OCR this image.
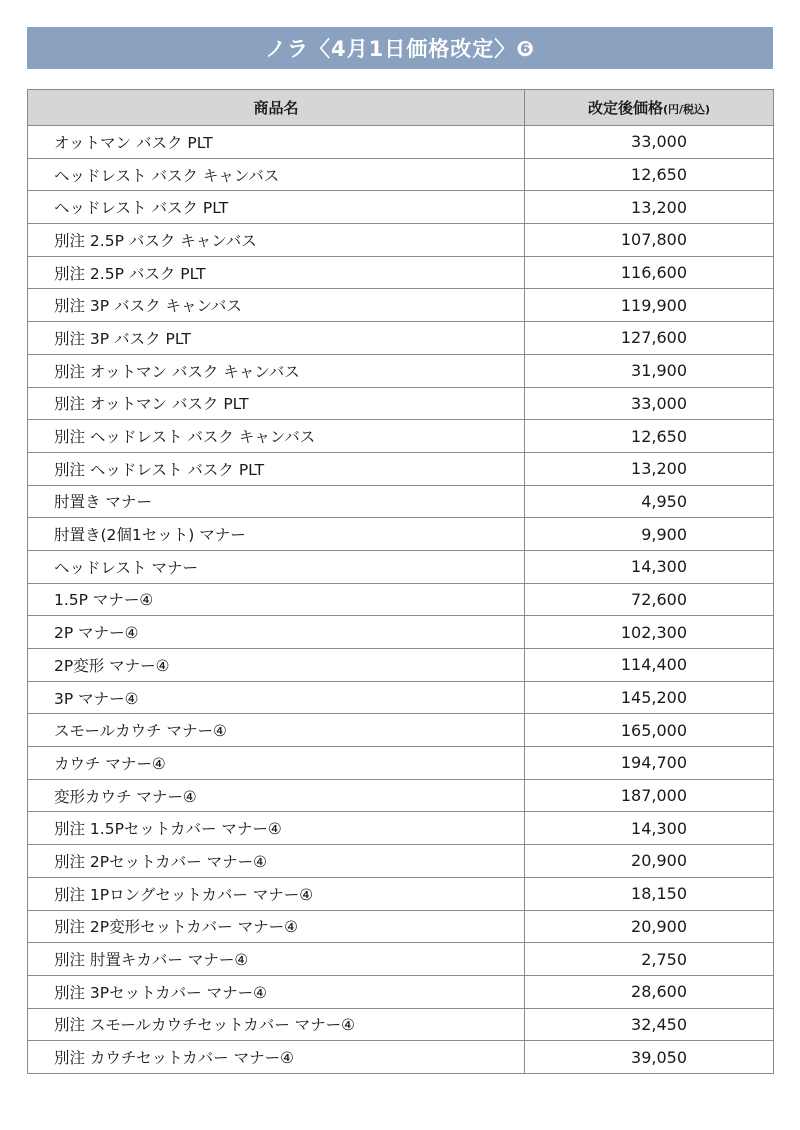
ノラ〈4月1日価格改定〉❻
商品名	改定後価格(円/税込)
オットマン バスク PLT	33,000
ヘッドレスト バスク キャンバス	12,650
ヘッドレスト バスク PLT	13,200
別注 2.5P バスク キャンバス	107,800
別注 2.5P バスク PLT	116,600
別注 3P バスク キャンバス	119,900
別注 3P バスク PLT	127,600
別注 オットマン バスク キャンバス	31,900
別注 オットマン バスク PLT	33,000
別注 ヘッドレスト バスク キャンバス	12,650
別注 ヘッドレスト バスク PLT	13,200
肘置き マナー	4,950
肘置き(2個1セット) マナー	9,900
ヘッドレスト マナー	14,300
1.5P マナー④	72,600
2P マナー④	102,300
2P変形 マナー④	114,400
3P マナー④	145,200
スモールカウチ マナー④	165,000
カウチ マナー④	194,700
変形カウチ マナー④	187,000
別注 1.5Pセットカバー マナー④	14,300
別注 2Pセットカバー マナー④	20,900
別注 1Pロングセットカバー マナー④	18,150
別注 2P変形セットカバー マナー④	20,900
別注 肘置キカバー マナー④	2,750
別注 3Pセットカバー マナー④	28,600
別注 スモールカウチセットカバー マナー④	32,450
別注 カウチセットカバー マナー④	39,050
